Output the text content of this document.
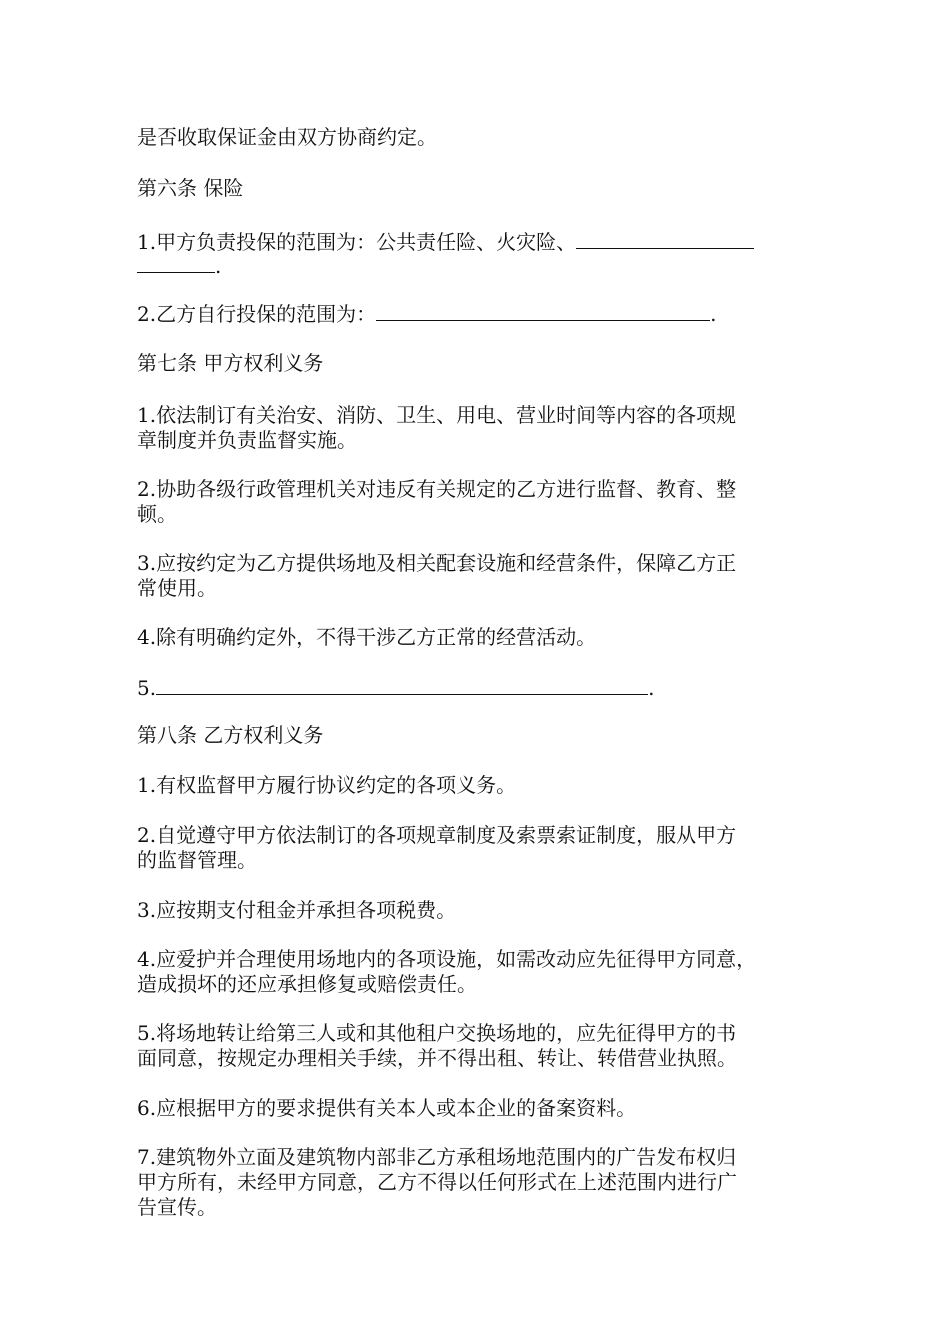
是否收取保证金由双方协商约定。
第六条 保险
1.甲方负责投保的范围为：公共责任险、火灾险、
.
2.乙方自行投保的范围为：	.
第七条 甲方权利义务
1.依法制订有关治安、消防、卫生、用电、营业时间等内容的各项规
章制度并负责监督实施。
2.协助各级行政管理机关对违反有关规定的乙方进行监督、教育、整
顿。
3.应按约定为乙方提供场地及相关配套设施和经营条件，保障乙方正
常使用。
4.除有明确约定外，不得干涉乙方正常的经营活动。
5.	.
第八条 乙方权利义务
1.有权监督甲方履行协议约定的各项义务。
2.自觉遵守甲方依法制订的各项规章制度及索票索证制度，服从甲方
的监督管理。
3.应按期支付租金并承担各项税费。
4.应爱护并合理使用场地内的各项设施，如需改动应先征得甲方同意，
造成损坏的还应承担修复或赔偿责任。
5.将场地转让给第三人或和其他租户交换场地的，应先征得甲方的书
面同意，按规定办理相关手续，并不得出租、转让、转借营业执照。
6.应根据甲方的要求提供有关本人或本企业的备案资料。
7.建筑物外立面及建筑物内部非乙方承租场地范围内的广告发布权归
甲方所有，未经甲方同意，乙方不得以任何形式在上述范围内进行广
告宣传。
